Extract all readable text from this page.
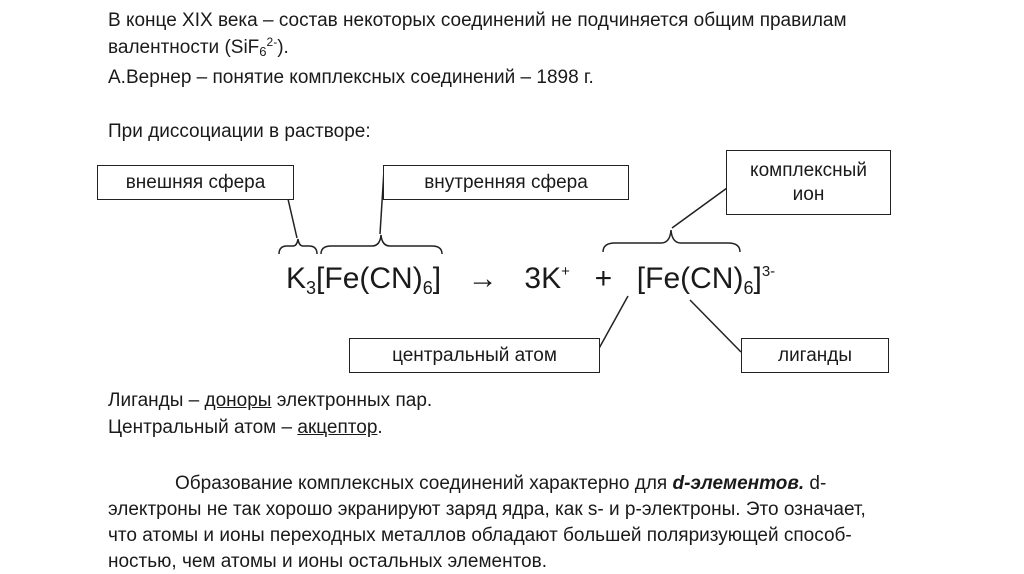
В конце XIX века – состав некоторых соединений не подчиняется общим правилам
валентности (SiF$_6^{2-}$).
А.Вернер – понятие комплексных соединений – 1898 г.
При диссоциации в растворе:
внешняя сфера	внутренняя сфера
комплексный
ион
центральный атом	лиганды
$K_3[Fe(CN)_6] \to 3K^+ + [Fe(CN)_6]^{3-}$
Лиганды – доноры электронных пар.
Центральный атом – акцептор.
Образование комплексных соединений характерно для d-элементов. d-
электроны не так хорошо экранируют заряд ядра, как s- и p-электроны. Это означает,
что атомы и ионы переходных металлов обладают большей поляризующей способ-
ностью, чем атомы и ионы остальных элементов.
